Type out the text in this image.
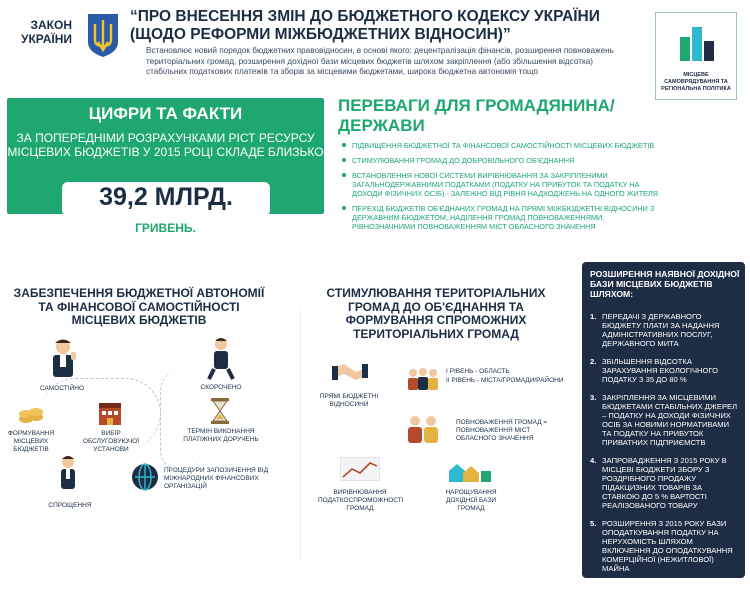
ЗАКОН УКРАЇНИ
“ПРО ВНЕСЕННЯ ЗМІН ДО БЮДЖЕТНОГО КОДЕКСУ УКРАЇНИ (ЩОДО РЕФОРМИ МІЖБЮДЖЕТНИХ ВІДНОСИН)”
Встановлює новий порядок бюджетних правовідносин, в основі якого: децентралізація фінансів, розширення повноважень територіальних громад, розширення дохідної бази місцевих бюджетів шляхом закріплення (або збільшення відсотка) стабільних податкових платежів та зборів за місцевими бюджетами, широка бюджетна автономія тощо	МІСЦЕВЕ САМОВРЯДУВАННЯ ТА РЕГІОНАЛЬНА ПОЛІТИКА
ЦИФРИ ТА ФАКТИ
ЗА ПОПЕРЕДНІМИ РОЗРАХУНКАМИ РІСТ РЕСУРСУ МІСЦЕВИХ БЮДЖЕТІВ У 2015 РОЦІ СКЛАДЕ БЛИЗЬКО
39,2 МЛРД.
ГРИВЕНЬ.
ПЕРЕВАГИ ДЛЯ ГРОМАДЯНИНА/ДЕРЖАВИ
ПІДВИЩЕННЯ БЮДЖЕТНОЇ ТА ФІНАНСОВОЇ САМОСТІЙНОСТІ МІСЦЕВИХ БЮДЖЕТІВ
СТИМУЛЮВАННЯ ГРОМАД ДО ДОБРОВІЛЬНОГО ОБ'ЄДНАННЯ
ВСТАНОВЛЕННЯ НОВОЇ СИСТЕМИ ВИРІВНЮВАННЯ ЗА ЗАКРІПЛЕНИМИ ЗАГАЛЬНОДЕРЖАВНИМИ ПОДАТКАМИ (ПОДАТКУ НА ПРИБУТОК ТА ПОДАТКУ НА ДОХОДИ ФІЗИЧНИХ ОСІБ) - ЗАЛЕЖНО ВІД РІВНЯ НАДХОДЖЕНЬ НА ОДНОГО ЖИТЕЛЯ
ПЕРЕХІД БЮДЖЕТІВ ОБ'ЄДНАНИХ ГРОМАД НА ПРЯМІ МІЖБЮДЖЕТНІ ВІДНОСИНИ З ДЕРЖАВНИМ БЮДЖЕТОМ, НАДІЛЕННЯ ГРОМАД ПОВНОВАЖЕННЯМИ, РІВНОЗНАЧНИМИ ПОВНОВАЖЕННЯМ МІСТ ОБЛАСНОГО ЗНАЧЕННЯ
ЗАБЕЗПЕЧЕННЯ БЮДЖЕТНОЇ АВТОНОМІЇ ТА ФІНАНСОВОЇ САМОСТІЙНОСТІ МІСЦЕВИХ БЮДЖЕТІВ
САМОСТІЙНО
ФОРМУВАННЯ МІСЦЕВИХ БЮДЖЕТІВ
ВИБІР ОБСЛУГОВУЮЧОЇ УСТАНОВИ
СПРОЩЕННЯ
СКОРОЧЕНО
ТЕРМІН ВИКОНАННЯ ПЛАТІЖНИХ ДОРУЧЕНЬ
ПРОЦЕДУРИ ЗАПОЗИЧЕННЯ ВІД МІЖНАРОДНИХ ФІНАНСОВИХ ОРГАНІЗАЦІЙ
СТИМУЛЮВАННЯ ТЕРИТОРІАЛЬНИХ ГРОМАД ДО ОБ'ЄДНАННЯ ТА ФОРМУВАННЯ СПРОМОЖНИХ ТЕРИТОРІАЛЬНИХ ГРОМАД
ПРЯМІ БЮДЖЕТНІ ВІДНОСИНИ
І РІВЕНЬ - ОБЛАСТЬ
ІІ РІВЕНЬ - МІСТА/ГРОМАДИ/РАЙОНИ
ПОВНОВАЖЕННЯ ГРОМАД = ПОВНОВАЖЕННЯ МІСТ ОБЛАСНОГО ЗНАЧЕННЯ
ВИРІВНЮВАННЯ ПОДАТКОСПРОМОЖНОСТІ ГРОМАД
НАРОЩУВАННЯ ДОХІДНОЇ БАЗИ ГРОМАД
РОЗШИРЕННЯ НАЯВНОЇ ДОХІДНОЇ БАЗИ МІСЦЕВИХ БЮДЖЕТІВ ШЛЯХОМ:
1. ПЕРЕДАЧІ З ДЕРЖАВНОГО БЮДЖЕТУ ПЛАТИ ЗА НАДАННЯ АДМІНІСТРАТИВНИХ ПОСЛУГ, ДЕРЖАВНОГО МИТА
2. ЗБІЛЬШЕННЯ ВІДСОТКА ЗАРАХУВАННЯ ЕКОЛОГІЧНОГО ПОДАТКУ З 35 ДО 80 %
3. ЗАКРІПЛЕННЯ ЗА МІСЦЕВИМИ БЮДЖЕТАМИ СТАБІЛЬНИХ ДЖЕРЕЛ – ПОДАТКУ НА ДОХОДИ ФІЗИЧНИХ ОСІБ ЗА НОВИМИ НОРМАТИВАМИ ТА ПОДАТКУ НА ПРИБУТОК ПРИВАТНИХ ПІДПРИЄМСТВ
4. ЗАПРОВАДЖЕННЯ З 2015 РОКУ В МІСЦЕВІ БЮДЖЕТИ ЗБОРУ З РОЗДРІБНОГО ПРОДАЖУ ПІДАКЦИЗНИХ ТОВАРІВ ЗА СТАВКОЮ ДО 5 % ВАРТОСТІ РЕАЛІЗОВАНОГО ТОВАРУ
5. РОЗШИРЕННЯ З 2015 РОКУ БАЗИ ОПОДАТКУВАННЯ ПОДАТКУ НА НЕРУХОМІСТЬ ШЛЯХОМ ВКЛЮЧЕННЯ ДО ОПОДАТКУВАННЯ КОМЕРЦІЙНОЇ (НЕЖИТЛОВОЇ) МАЙНА
